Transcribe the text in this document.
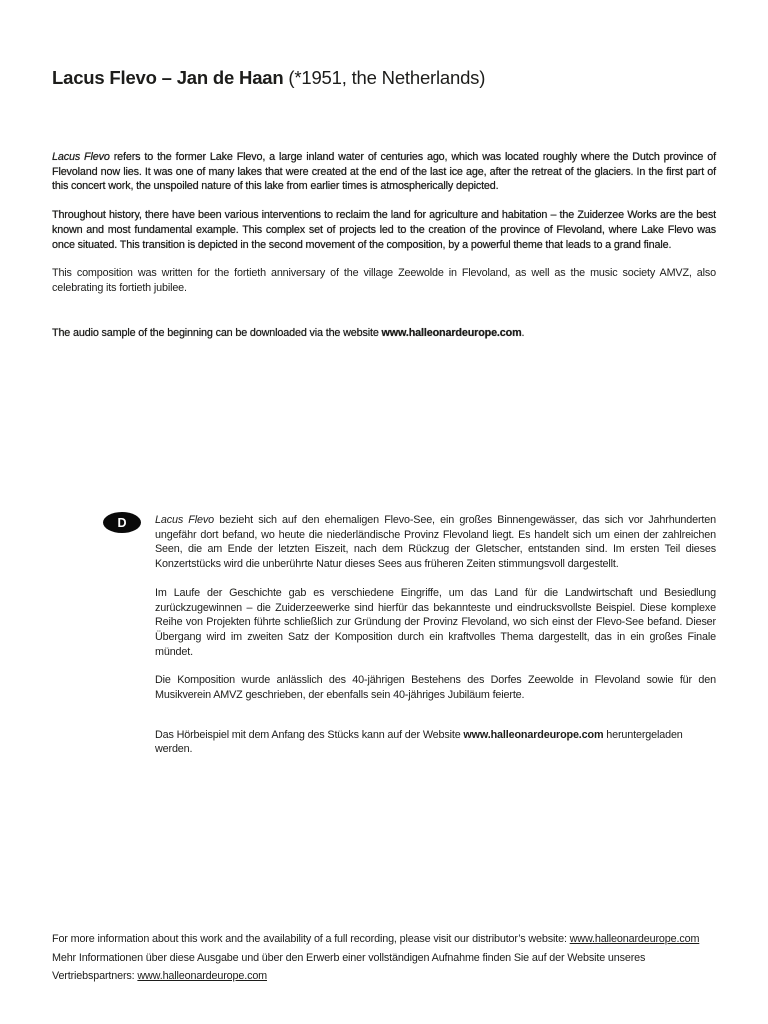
Lacus Flevo – Jan de Haan (*1951, the Netherlands)

Lacus Flevo refers to the former Lake Flevo, a large inland water of centuries ago, which was located roughly where the Dutch province of Flevoland now lies. It was one of many lakes that were created at the end of the last ice age, after the retreat of the glaciers. In the first part of this concert work, the unspoiled nature of this lake from earlier times is atmospherically depicted.

Throughout history, there have been various interventions to reclaim the land for agriculture and habitation – the Zuiderzee Works are the best known and most fundamental example. This complex set of projects led to the creation of the province of Flevoland, where Lake Flevo was once situated. This transition is depicted in the second movement of the composition, by a powerful theme that leads to a grand finale.

This composition was written for the fortieth anniversary of the village Zeewolde in Flevoland, as well as the music society AMVZ, also celebrating its fortieth jubilee.

The audio sample of the beginning can be downloaded via the website www.halleonardeurope.com.

D	Lacus Flevo bezieht sich auf den ehemaligen Flevo-See, ein großes Binnengewässer, das sich vor Jahrhunderten ungefähr dort befand, wo heute die niederländische Provinz Flevoland liegt. Es handelt sich um einen der zahlreichen Seen, die am Ende der letzten Eiszeit, nach dem Rückzug der Gletscher, entstanden sind. Im ersten Teil dieses Konzertstücks wird die unberührte Natur dieses Sees aus früheren Zeiten stimmungsvoll dargestellt.

Im Laufe der Geschichte gab es verschiedene Eingriffe, um das Land für die Landwirtschaft und Besiedlung zurückzugewinnen – die Zuiderzeewerke sind hierfür das bekannteste und eindrucksvollste Beispiel. Diese komplexe Reihe von Projekten führte schließlich zur Gründung der Provinz Flevoland, wo sich einst der Flevo-See befand. Dieser Übergang wird im zweiten Satz der Komposition durch ein kraftvolles Thema dargestellt, das in ein großes Finale mündet.

Die Komposition wurde anlässlich des 40-jährigen Bestehens des Dorfes Zeewolde in Flevoland sowie für den Musikverein AMVZ geschrieben, der ebenfalls sein 40-jähriges Jubiläum feierte.

Das Hörbeispiel mit dem Anfang des Stücks kann auf der Website www.halleonardeurope.com heruntergeladen werden.

For more information about this work and the availability of a full recording, please visit our distributor’s website: www.halleonardeurope.com

Mehr Informationen über diese Ausgabe und über den Erwerb einer vollständigen Aufnahme finden Sie auf der Website unseres Vertriebspartners: www.halleonardeurope.com
